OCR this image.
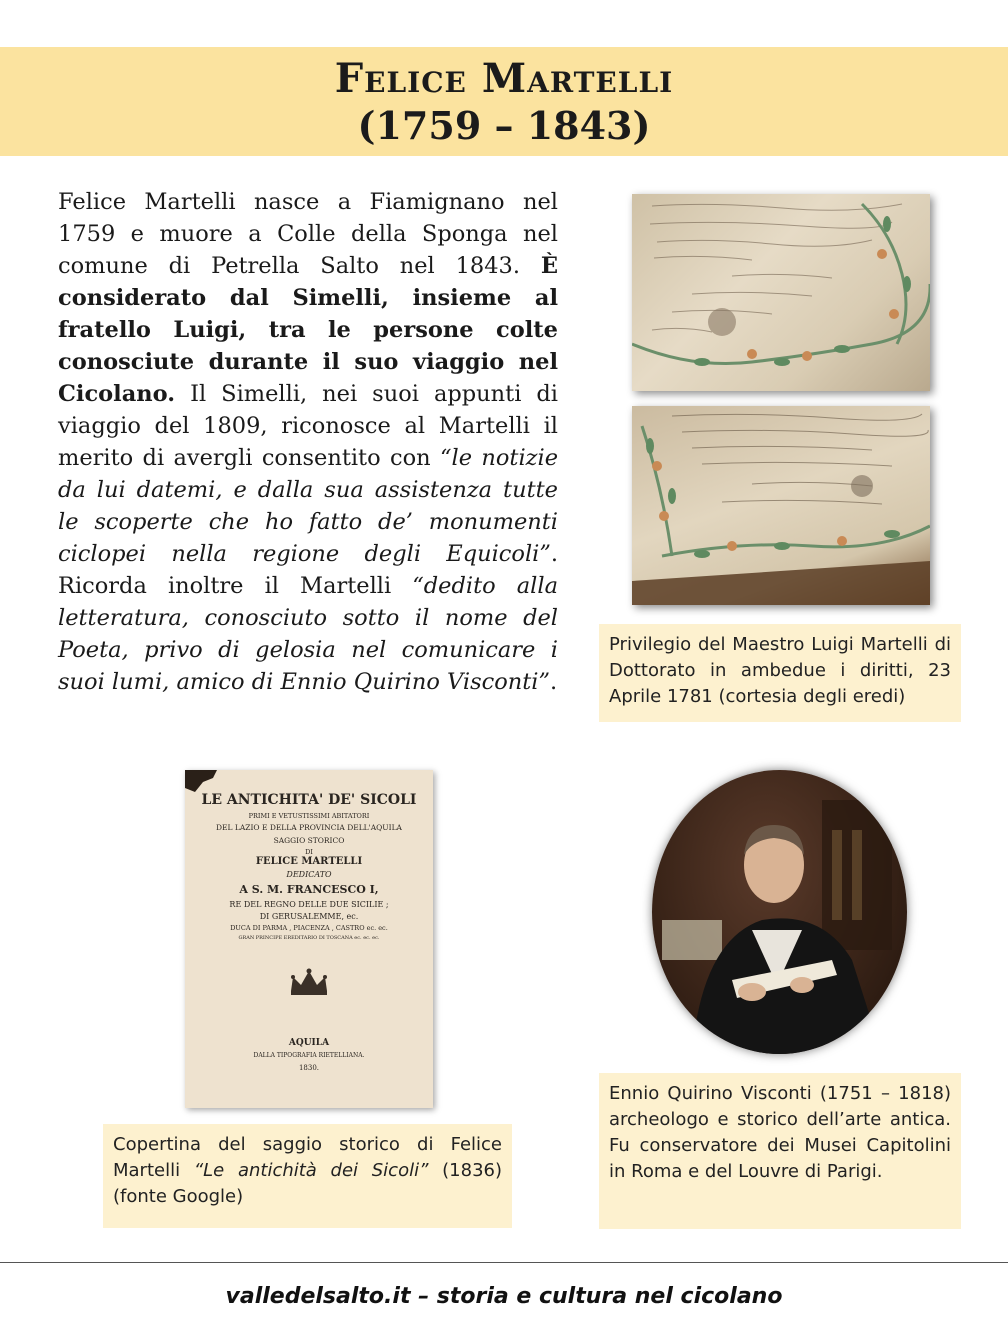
Felice Martelli
(1759 – 1843)
Felice Martelli nasce a Fiamignano nel 1759 e muore a Colle della Sponga nel comune di Petrella Salto nel 1843. È considerato dal Simelli, insieme al fratello Luigi, tra le persone colte conosciute durante il suo viaggio nel Cicolano. Il Simelli, nei suoi appunti di viaggio del 1809, riconosce al Martelli il merito di avergli consentito con “le notizie da lui datemi, e dalla sua assistenza tutte le scoperte che ho fatto de’ monumenti ciclopei nella regione degli Equicoli”. Ricorda inoltre il Martelli “dedito alla letteratura, conosciuto sotto il nome del Poeta, privo di gelosia nel comunicare i suoi lumi, amico di Ennio Quirino Visconti”.
Privilegio del Maestro Luigi Martelli di Dottorato in ambedue i diritti, 23 Aprile 1781 (cortesia degli eredi)
LE ANTICHITA' DE' SICOLI
PRIMI E VETUSTISSIMI ABITATORI
DEL LAZIO E DELLA PROVINCIA DELL'AQUILA
SAGGIO STORICO
DI
FELICE MARTELLI
DEDICATO
A S. M. FRANCESCO I,
RE DEL REGNO DELLE DUE SICILIE ;
DI GERUSALEMME, ec.
DUCA DI PARMA , PIACENZA , CASTRO ec. ec.
GRAN PRINCIPE EREDITARIO DI TOSCANA ec. ec. ec.
AQUILA
DALLA TIPOGRAFIA RIETELLIANA.
1830.
Copertina del saggio storico di Felice Martelli “Le antichità dei Sicoli” (1836) (fonte Google)
Ennio Quirino Visconti (1751 – 1818) archeologo e storico dell’arte antica. Fu conservatore dei Musei Capitolini in Roma e del Louvre di Parigi.
valledelsalto.it – storia e cultura nel cicolano
